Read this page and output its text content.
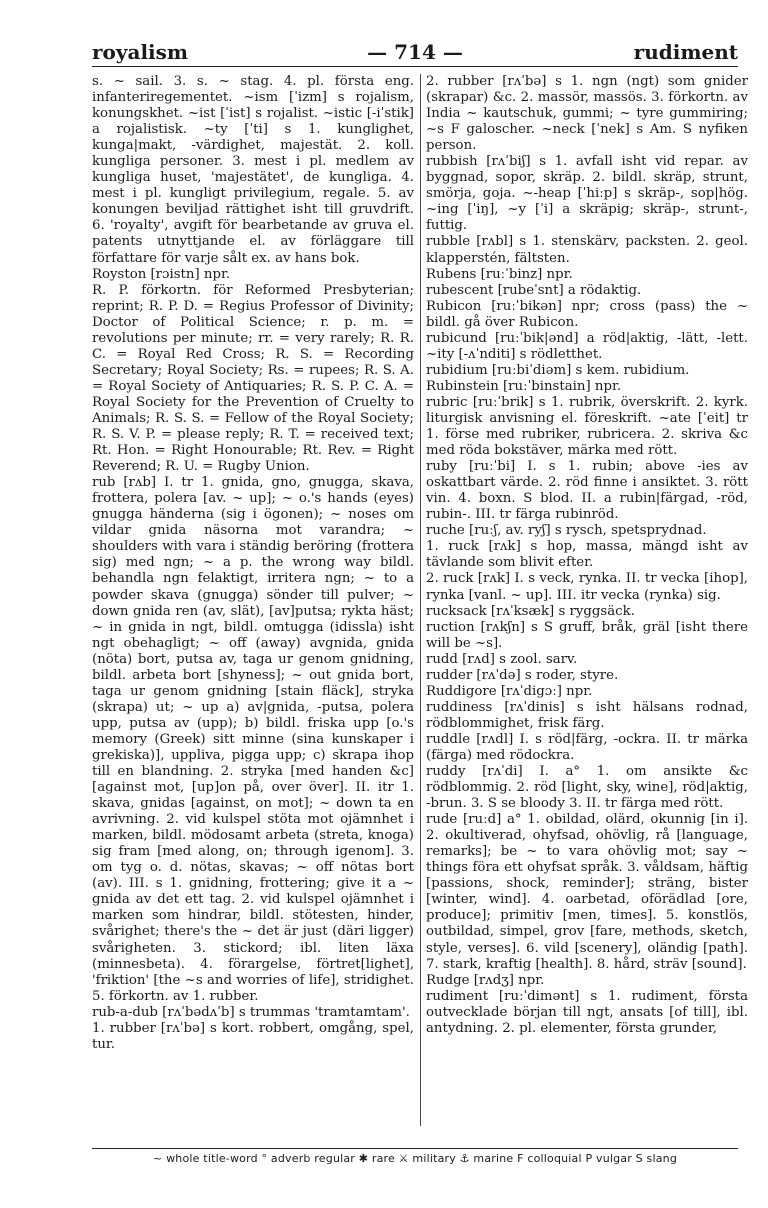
royalism	— 714 —	rudiment

s. ~ sail. 3. s. ~ stag. 4. pl. första eng. infanteriregementet. ~ism [ˈizm] s rojalism, konungskhet. ~ist [ˈist] s rojalist. ~istic [-iˈstik] a rojalistisk. ~ty [ˈti] s 1. kunglighet, kunga|makt, -värdighet, majestät. 2. koll. kungliga personer. 3. mest i pl. medlem av kungliga huset, 'majestätet', de kungliga. 4. mest i pl. kungligt privilegium, regale. 5. av konungen beviljad rättighet isht till gruvdrift. 6. 'royalty', avgift för bearbetande av gruva el. patents utnyttjande el. av förläggare till författare för varje sålt ex. av hans bok.

Royston [rɔistn] npr.

R. P. förkortn. för Reformed Presbyterian; reprint; R. P. D. = Regius Professor of Divinity; Doctor of Political Science; r. p. m. = revolutions per minute; rr. = very rarely; R. R. C. = Royal Red Cross; R. S. = Recording Secretary; Royal Society; Rs. = rupees; R. S. A. = Royal Society of Antiquaries; R. S. P. C. A. = Royal Society for the Prevention of Cruelty to Animals; R. S. S. = Fellow of the Royal Society; R. S. V. P. = please reply; R. T. = received text; Rt. Hon. = Right Honourable; Rt. Rev. = Right Reverend; R. U. = Rugby Union.

rub [rʌb] I. tr 1. gnida, gno, gnugga, skava, frottera, polera [av. ~ up]; ~ o.'s hands (eyes) gnugga händerna (sig i ögonen); ~ noses om vildar gnida näsorna mot varandra; ~ shoulders with vara i ständig beröring (frottera sig) med ngn; ~ a p. the wrong way bildl. behandla ngn felaktigt, irritera ngn; ~ to a powder skava (gnugga) sönder till pulver; ~ down gnida ren (av, slät), [av]putsa; rykta häst; ~ in gnida in ngt, bildl. omtugga (idissla) isht ngt obehagligt; ~ off (away) avgnida, gnida (nöta) bort, putsa av, taga ur genom gnidning, bildl. arbeta bort [shyness]; ~ out gnida bort, taga ur genom gnidning [stain fläck], stryka (skrapa) ut; ~ up a) av|gnida, -putsa, polera upp, putsa av (upp); b) bildl. friska upp [o.'s memory (Greek) sitt minne (sina kunskaper i grekiska)], uppliva, pigga upp; c) skrapa ihop till en blandning. 2. stryka [med handen &c] [against mot, [up]on på, over över]. II. itr 1. skava, gnidas [against, on mot]; ~ down ta en avrivning. 2. vid kulspel stöta mot ojämnhet i marken, bildl. mödosamt arbeta (streta, knoga) sig fram [med along, on; through igenom]. 3. om tyg o. d. nötas, skavas; ~ off nötas bort (av). III. s 1. gnidning, frottering; give it a ~ gnida av det ett tag. 2. vid kulspel ojämnhet i marken som hindrar, bildl. stötesten, hinder, svårighet; there's the ~ det är just (däri ligger) svårigheten. 3. stickord; ibl. liten läxa (minnesbeta). 4. förargelse, förtret[lighet], 'friktion' [the ~s and worries of life], stridighet. 5. förkortn. av 1. rubber.

rub-a-dub [rʌˈbədʌˈb] s trummas 'tramtamtam'.

1. rubber [rʌˈbə] s kort. robbert, omgång, spel, tur.

2. rubber [rʌˈbə] s 1. ngn (ngt) som gnider (skrapar) &c. 2. massör, massös. 3. förkortn. av India ~ kautschuk, gummi; ~ tyre gummiring; ~s F galoscher. ~neck [ˈnek] s Am. S nyfiken person.

rubbish [rʌˈbiʃ] s 1. avfall isht vid repar. av byggnad, sopor, skräp. 2. bildl. skräp, strunt, smörja, goja. ~-heap [ˈhiːp] s skräp-, sop|hög. ~ing [ˈiŋ], ~y [ˈi] a skräpig; skräp-, strunt-, futtig.

rubble [rʌbl] s 1. stenskärv, packsten. 2. geol. klapperstén, fältsten.

Rubens [ruːˈbinz] npr.

rubescent [rubeˈsnt] a rödaktig.

Rubicon [ruːˈbikən] npr; cross (pass) the ~ bildl. gå över Rubicon.

rubicund [ruːˈbik|ənd] a röd|aktig, -lätt, -lett. ~ity [-ʌˈnditi] s rödletthet.

rubidium [ruːbiˈdiəm] s kem. rubidium.

Rubinstein [ruːˈbinstain] npr.

rubric [ruːˈbrik] s 1. rubrik, överskrift. 2. kyrk. liturgisk anvisning el. föreskrift. ~ate [ˈeit] tr 1. förse med rubriker, rubricera. 2. skriva &c med röda bokstäver, märka med rött.

ruby [ruːˈbi] I. s 1. rubin; above -ies av oskattbart värde. 2. röd finne i ansiktet. 3. rött vin. 4. boxn. S blod. II. a rubin|färgad, -röd, rubin-. III. tr färga rubinröd.

ruche [ruːʃ, av. ryʃ] s rysch, spetsprydnad.

1. ruck [rʌk] s hop, massa, mängd isht av tävlande som blivit efter.

2. ruck [rʌk] I. s veck, rynka. II. tr vecka [ihop], rynka [vanl. ~ up]. III. itr vecka (rynka) sig.

rucksack [rʌˈksæk] s ryggsäck.

ruction [rʌkʃn] s S gruff, bråk, gräl [isht there will be ~s].

rudd [rʌd] s zool. sarv.

rudder [rʌˈdə] s roder, styre.

Ruddigore [rʌˈdigɔː] npr.

ruddiness [rʌˈdinis] s isht hälsans rodnad, rödblommighet, frisk färg.

ruddle [rʌdl] I. s röd|färg, -ockra. II. tr märka (färga) med rödockra.

ruddy [rʌˈdi] I. a° 1. om ansikte &c rödblommig. 2. röd [light, sky, wine], röd|aktig, -brun. 3. S se bloody 3. II. tr färga med rött.

rude [ruːd] a° 1. obildad, olärd, okunnig [in i]. 2. okultiverad, ohyfsad, ohövlig, rå [language, remarks]; be ~ to vara ohövlig mot; say ~ things föra ett ohyfsat språk. 3. våldsam, häftig [passions, shock, reminder]; sträng, bister [winter, wind]. 4. oarbetad, oförädlad [ore, produce]; primitiv [men, times]. 5. konstlös, outbildad, simpel, grov [fare, methods, sketch, style, verses]. 6. vild [scenery], oländig [path]. 7. stark, kraftig [health]. 8. hård, sträv [sound].

Rudge [rʌdʒ] npr.

rudiment [ruːˈdimənt] s 1. rudiment, första outvecklade början till ngt, ansats [of till], ibl. antydning. 2. pl. elementer, första grunder,

~ whole title-word ° adverb regular ✱ rare ⚔ military ⚓ marine F colloquial P vulgar S slang
